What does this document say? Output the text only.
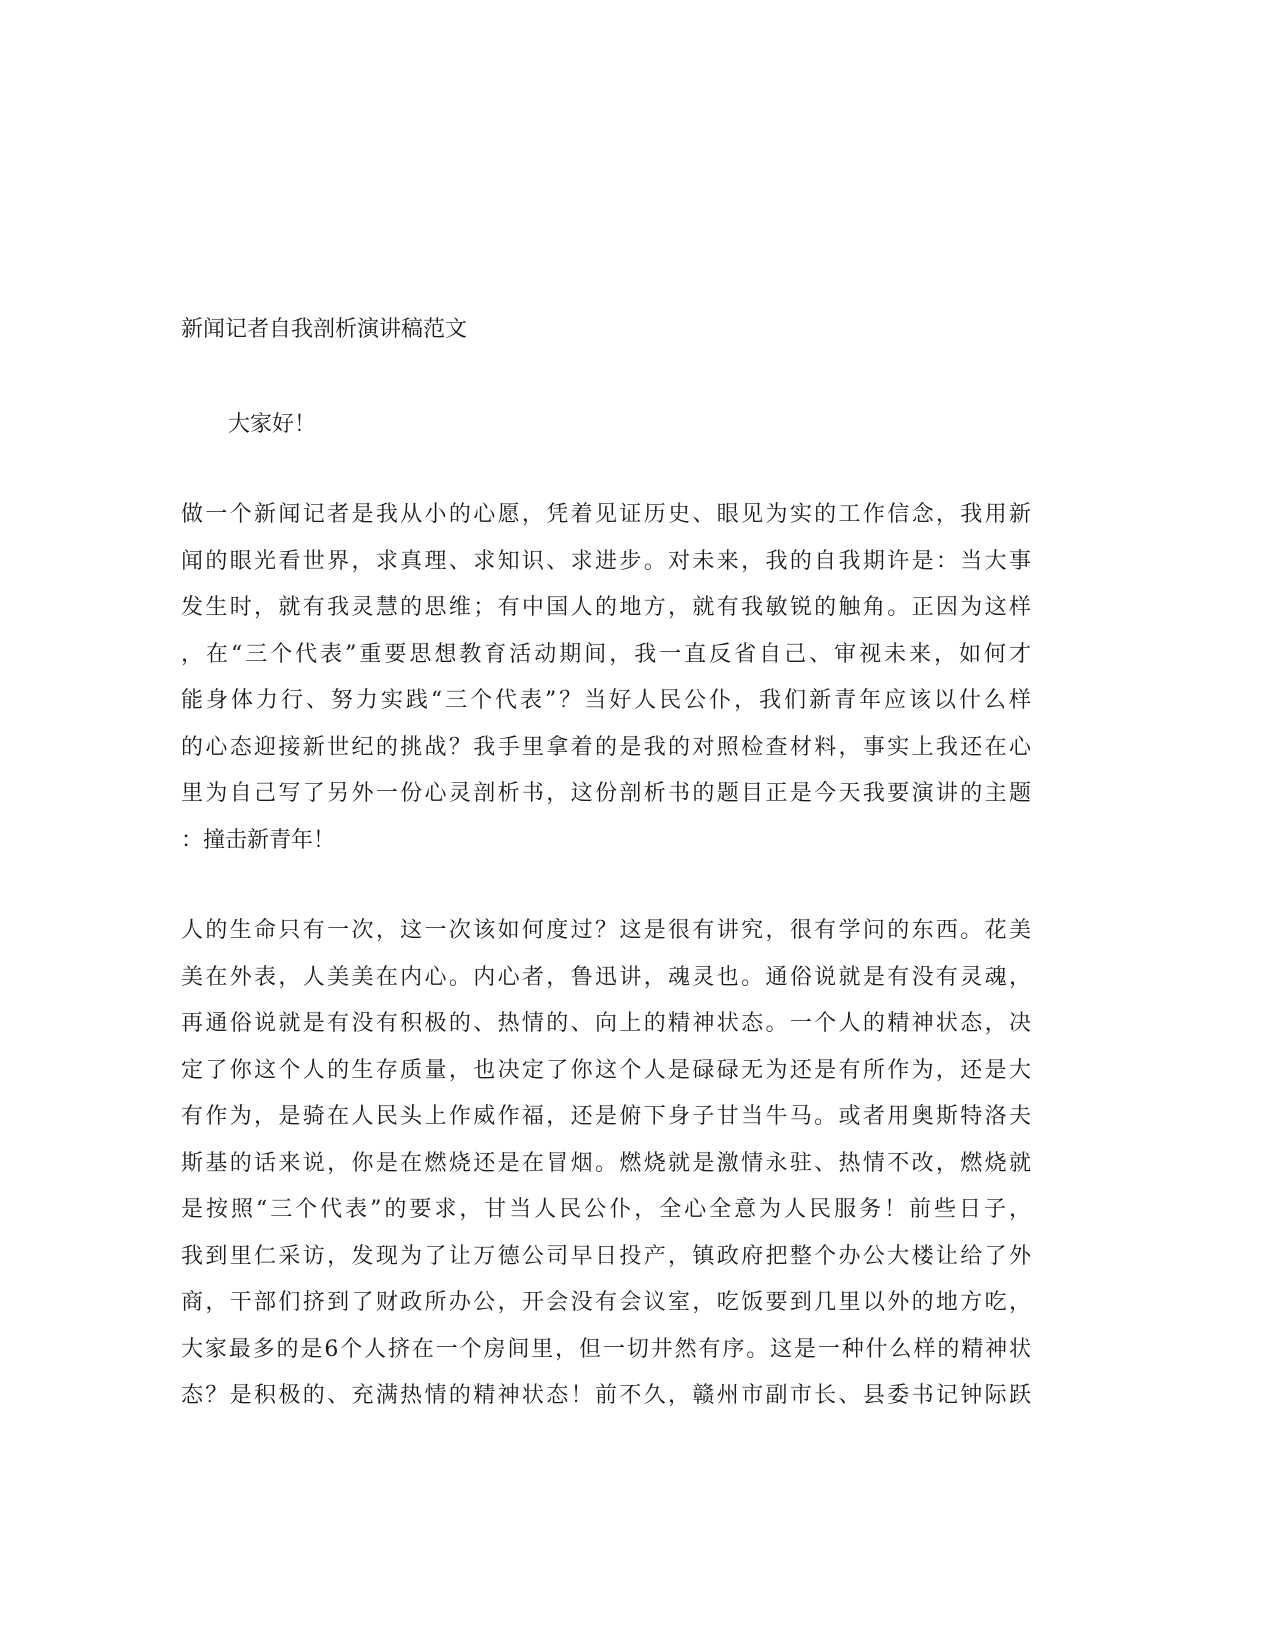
新闻记者自我剖析演讲稿范文
大家好！
做一个新闻记者是我从小的心愿，凭着见证历史、眼见为实的工作信念，我用新
闻的眼光看世界，求真理、求知识、求进步。对未来，我的自我期许是：当大事
发生时，就有我灵慧的思维；有中国人的地方，就有我敏锐的触角。正因为这样
，在“三个代表”重要思想教育活动期间，我一直反省自己、审视未来，如何才
能身体力行、努力实践“三个代表”？当好人民公仆，我们新青年应该以什么样
的心态迎接新世纪的挑战？我手里拿着的是我的对照检查材料，事实上我还在心
里为自己写了另外一份心灵剖析书，这份剖析书的题目正是今天我要演讲的主题
：撞击新青年！
人的生命只有一次，这一次该如何度过？这是很有讲究，很有学问的东西。花美
美在外表，人美美在内心。内心者，鲁迅讲，魂灵也。通俗说就是有没有灵魂，
再通俗说就是有没有积极的、热情的、向上的精神状态。一个人的精神状态，决
定了你这个人的生存质量，也决定了你这个人是碌碌无为还是有所作为，还是大
有作为，是骑在人民头上作威作福，还是俯下身子甘当牛马。或者用奥斯特洛夫
斯基的话来说，你是在燃烧还是在冒烟。燃烧就是激情永驻、热情不改，燃烧就
是按照“三个代表”的要求，甘当人民公仆，全心全意为人民服务！前些日子，
我到里仁采访，发现为了让万德公司早日投产，镇政府把整个办公大楼让给了外
商，干部们挤到了财政所办公，开会没有会议室，吃饭要到几里以外的地方吃，
大家最多的是6个人挤在一个房间里，但一切井然有序。这是一种什么样的精神状
态？是积极的、充满热情的精神状态！前不久，赣州市副市长、县委书记钟际跃
